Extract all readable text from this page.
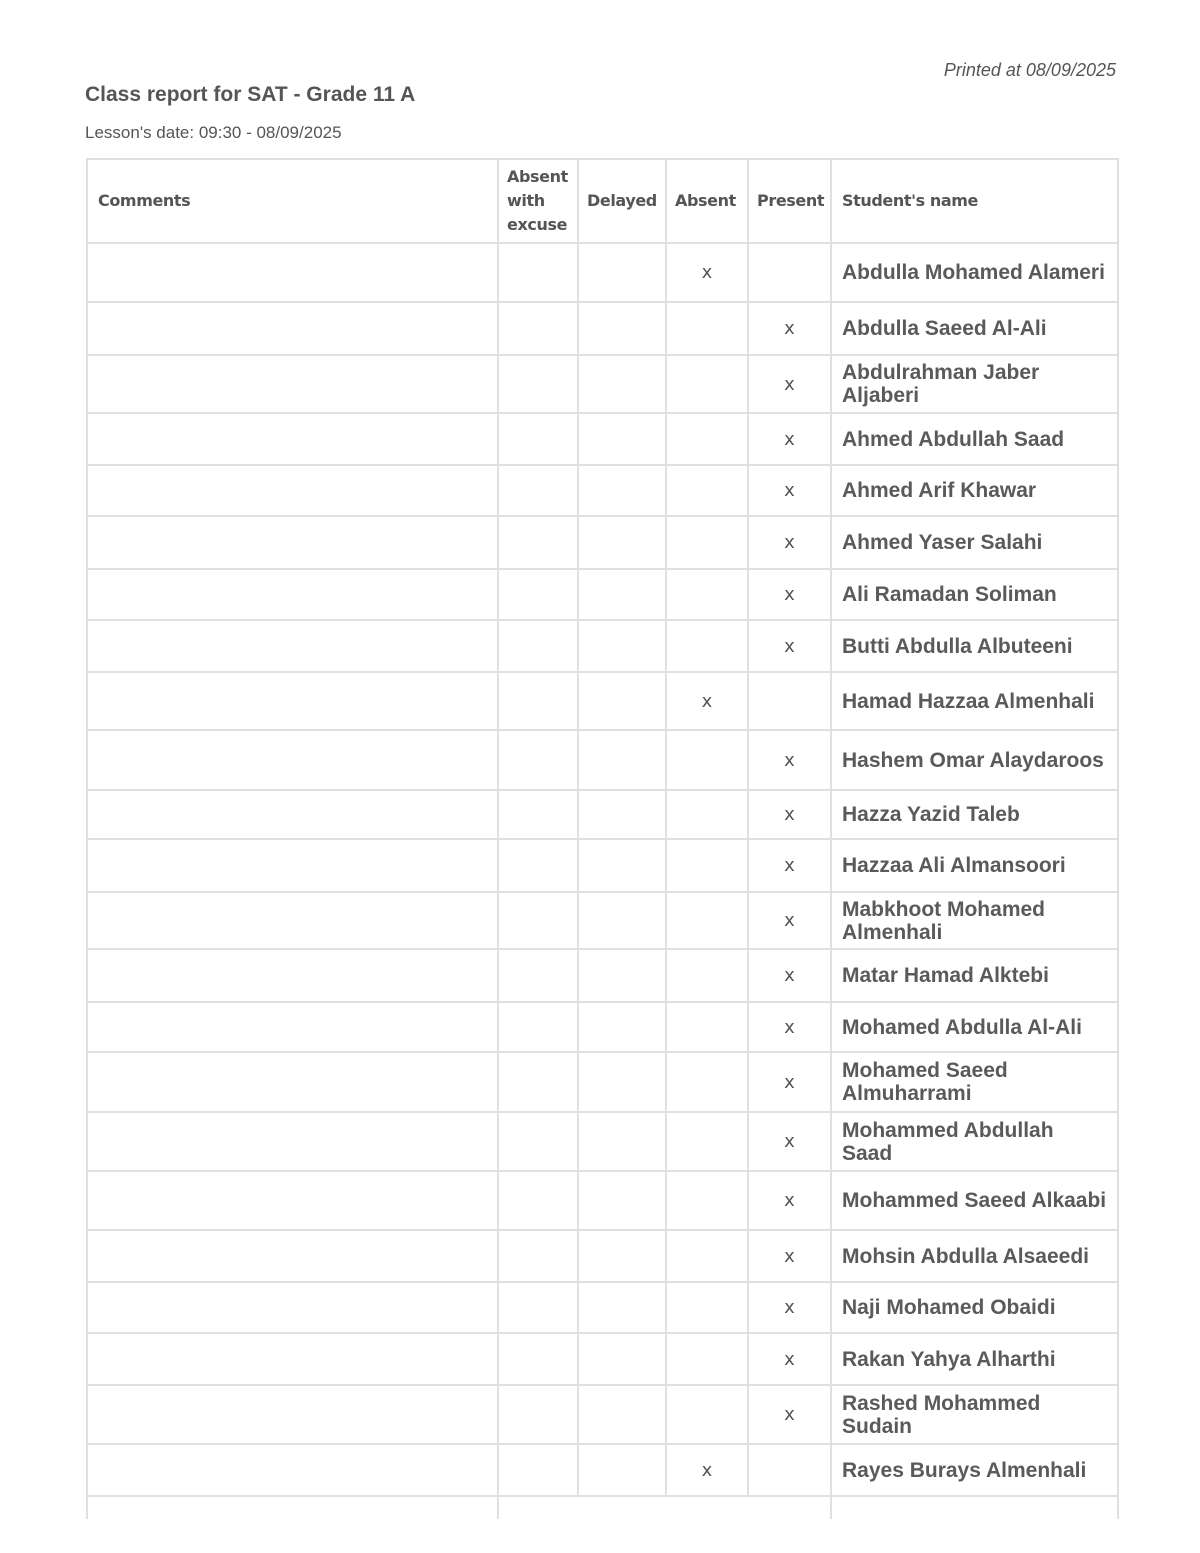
Printed at 08/09/2025
Class report for SAT - Grade 11 A
Lesson's date: 09:30 - 08/09/2025
Comments	Absent with excuse	Delayed	Absent	Present	Student's name
			x		Abdulla Mohamed Alameri
				x	Abdulla Saeed Al-Ali
				x	Abdulrahman Jaber Aljaberi
				x	Ahmed Abdullah Saad
				x	Ahmed Arif Khawar
				x	Ahmed Yaser Salahi
				x	Ali Ramadan Soliman
				x	Butti Abdulla Albuteeni
			x		Hamad Hazzaa Almenhali
				x	Hashem Omar Alaydaroos
				x	Hazza Yazid Taleb
				x	Hazzaa Ali Almansoori
				x	Mabkhoot Mohamed Almenhali
				x	Matar Hamad Alktebi
				x	Mohamed Abdulla Al-Ali
				x	Mohamed Saeed Almuharrami
				x	Mohammed Abdullah Saad
				x	Mohammed Saeed Alkaabi
				x	Mohsin Abdulla Alsaeedi
				x	Naji Mohamed Obaidi
				x	Rakan Yahya Alharthi
				x	Rashed Mohammed Sudain
			x		Rayes Burays Almenhali
